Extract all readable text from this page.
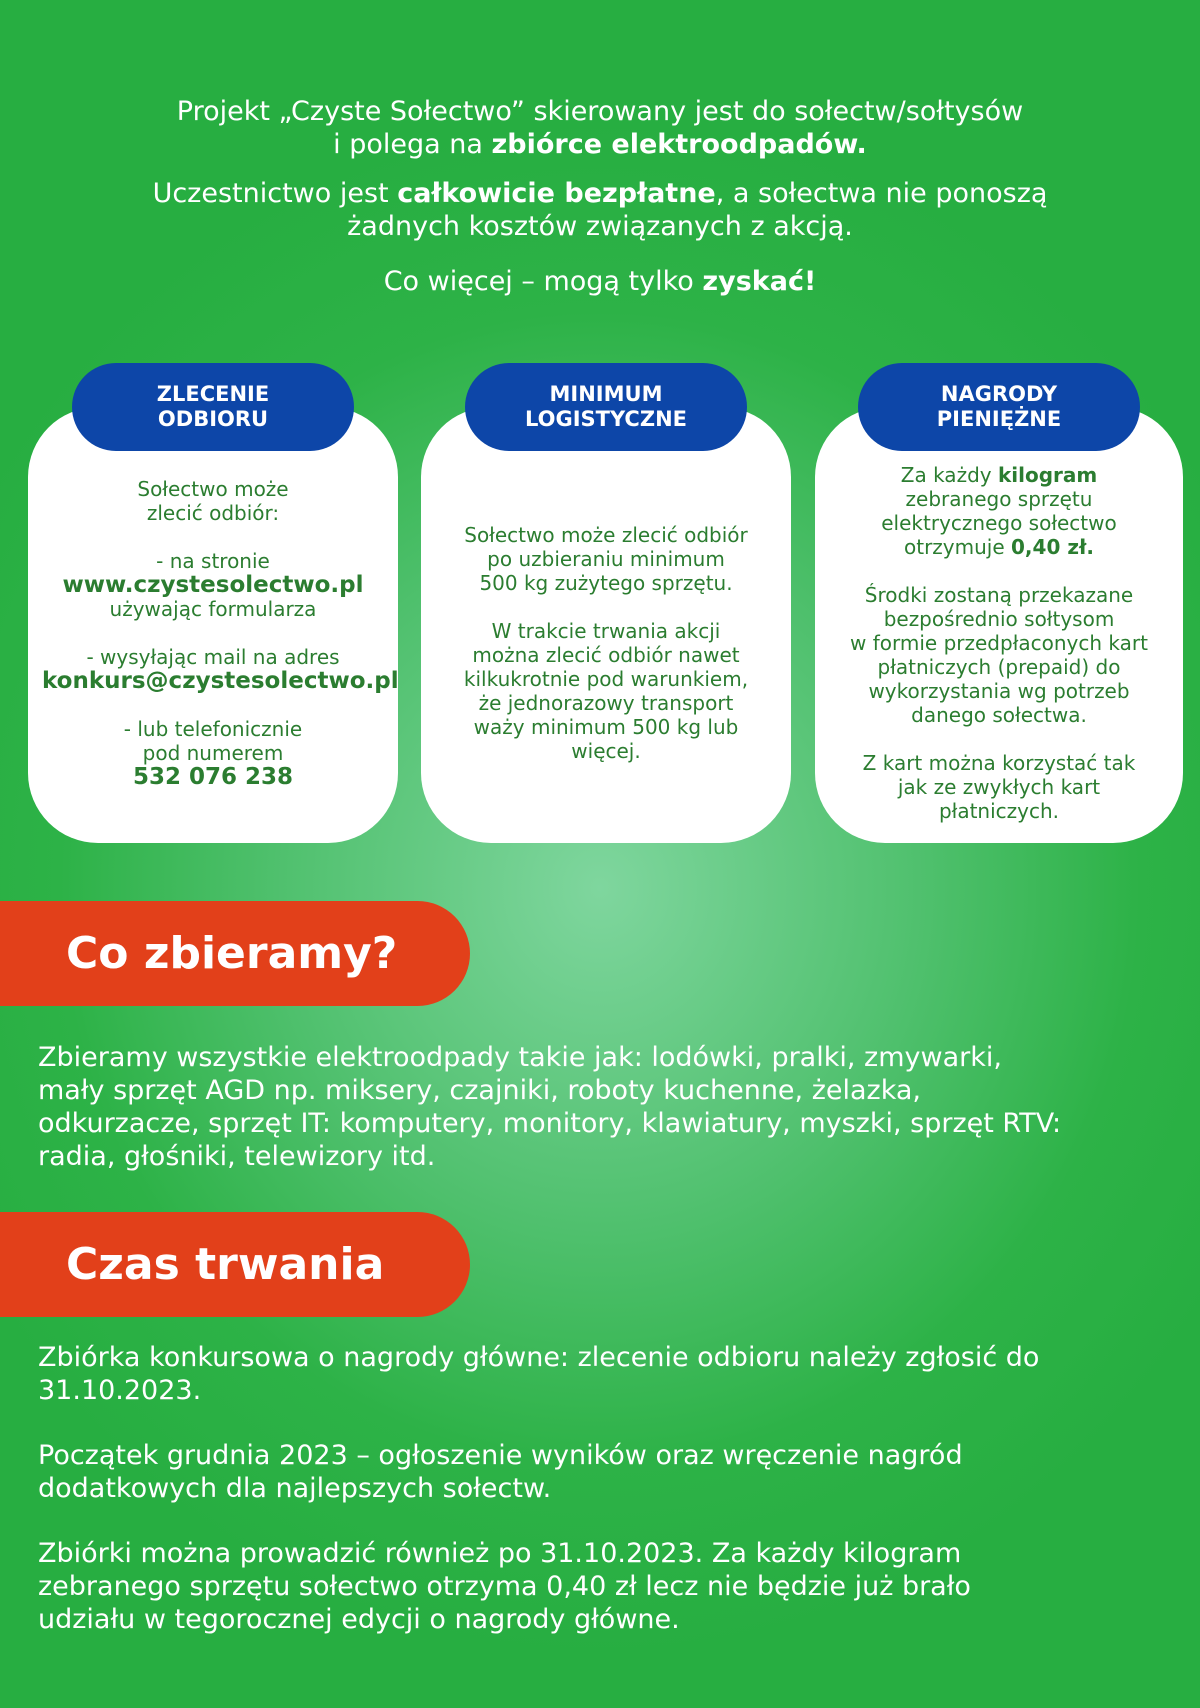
Projekt „Czyste Sołectwo” skierowany jest do sołectw/sołtysów

i polega na zbiórce elektroodpadów.

Uczestnictwo jest całkowicie bezpłatne, a sołectwa nie ponoszą

żadnych kosztów związanych z akcją.

Co więcej – mogą tylko zyskać!

ZLECENIE
ODBIORU

Sołectwo może

zlecić odbiór:

- na stronie

www.czystesolectwo.pl

używając formularza

- wysyłając mail na adres

konkurs@czystesolectwo.pl

- lub telefonicznie

pod numerem

532 076 238

MINIMUM
LOGISTYCZNE

Sołectwo może zlecić odbiór

po uzbieraniu minimum

500 kg zużytego sprzętu.

W trakcie trwania akcji

można zlecić odbiór nawet

kilkukrotnie pod warunkiem,

że jednorazowy transport

waży minimum 500 kg lub

więcej.

NAGRODY
PIENIĘŻNE

Za każdy kilogram

zebranego sprzętu

elektrycznego sołectwo

otrzymuje 0,40 zł.

Środki zostaną przekazane

bezpośrednio sołtysom

w formie przedpłaconych kart

płatniczych (prepaid) do

wykorzystania wg potrzeb

danego sołectwa.

Z kart można korzystać tak

jak ze zwykłych kart

płatniczych.

Co zbieramy?

Zbieramy wszystkie elektroodpady takie jak: lodówki, pralki, zmywarki,

mały sprzęt AGD np. miksery, czajniki, roboty kuchenne, żelazka,

odkurzacze, sprzęt IT: komputery, monitory, klawiatury, myszki, sprzęt RTV:

radia, głośniki, telewizory itd.

Czas trwania

Zbiórka konkursowa o nagrody główne: zlecenie odbioru należy zgłosić do

31.10.2023.

Początek grudnia 2023 – ogłoszenie wyników oraz wręczenie nagród

dodatkowych dla najlepszych sołectw.

Zbiórki można prowadzić również po 31.10.2023. Za każdy kilogram

zebranego sprzętu sołectwo otrzyma 0,40 zł lecz nie będzie już brało

udziału w tegorocznej edycji o nagrody główne.
